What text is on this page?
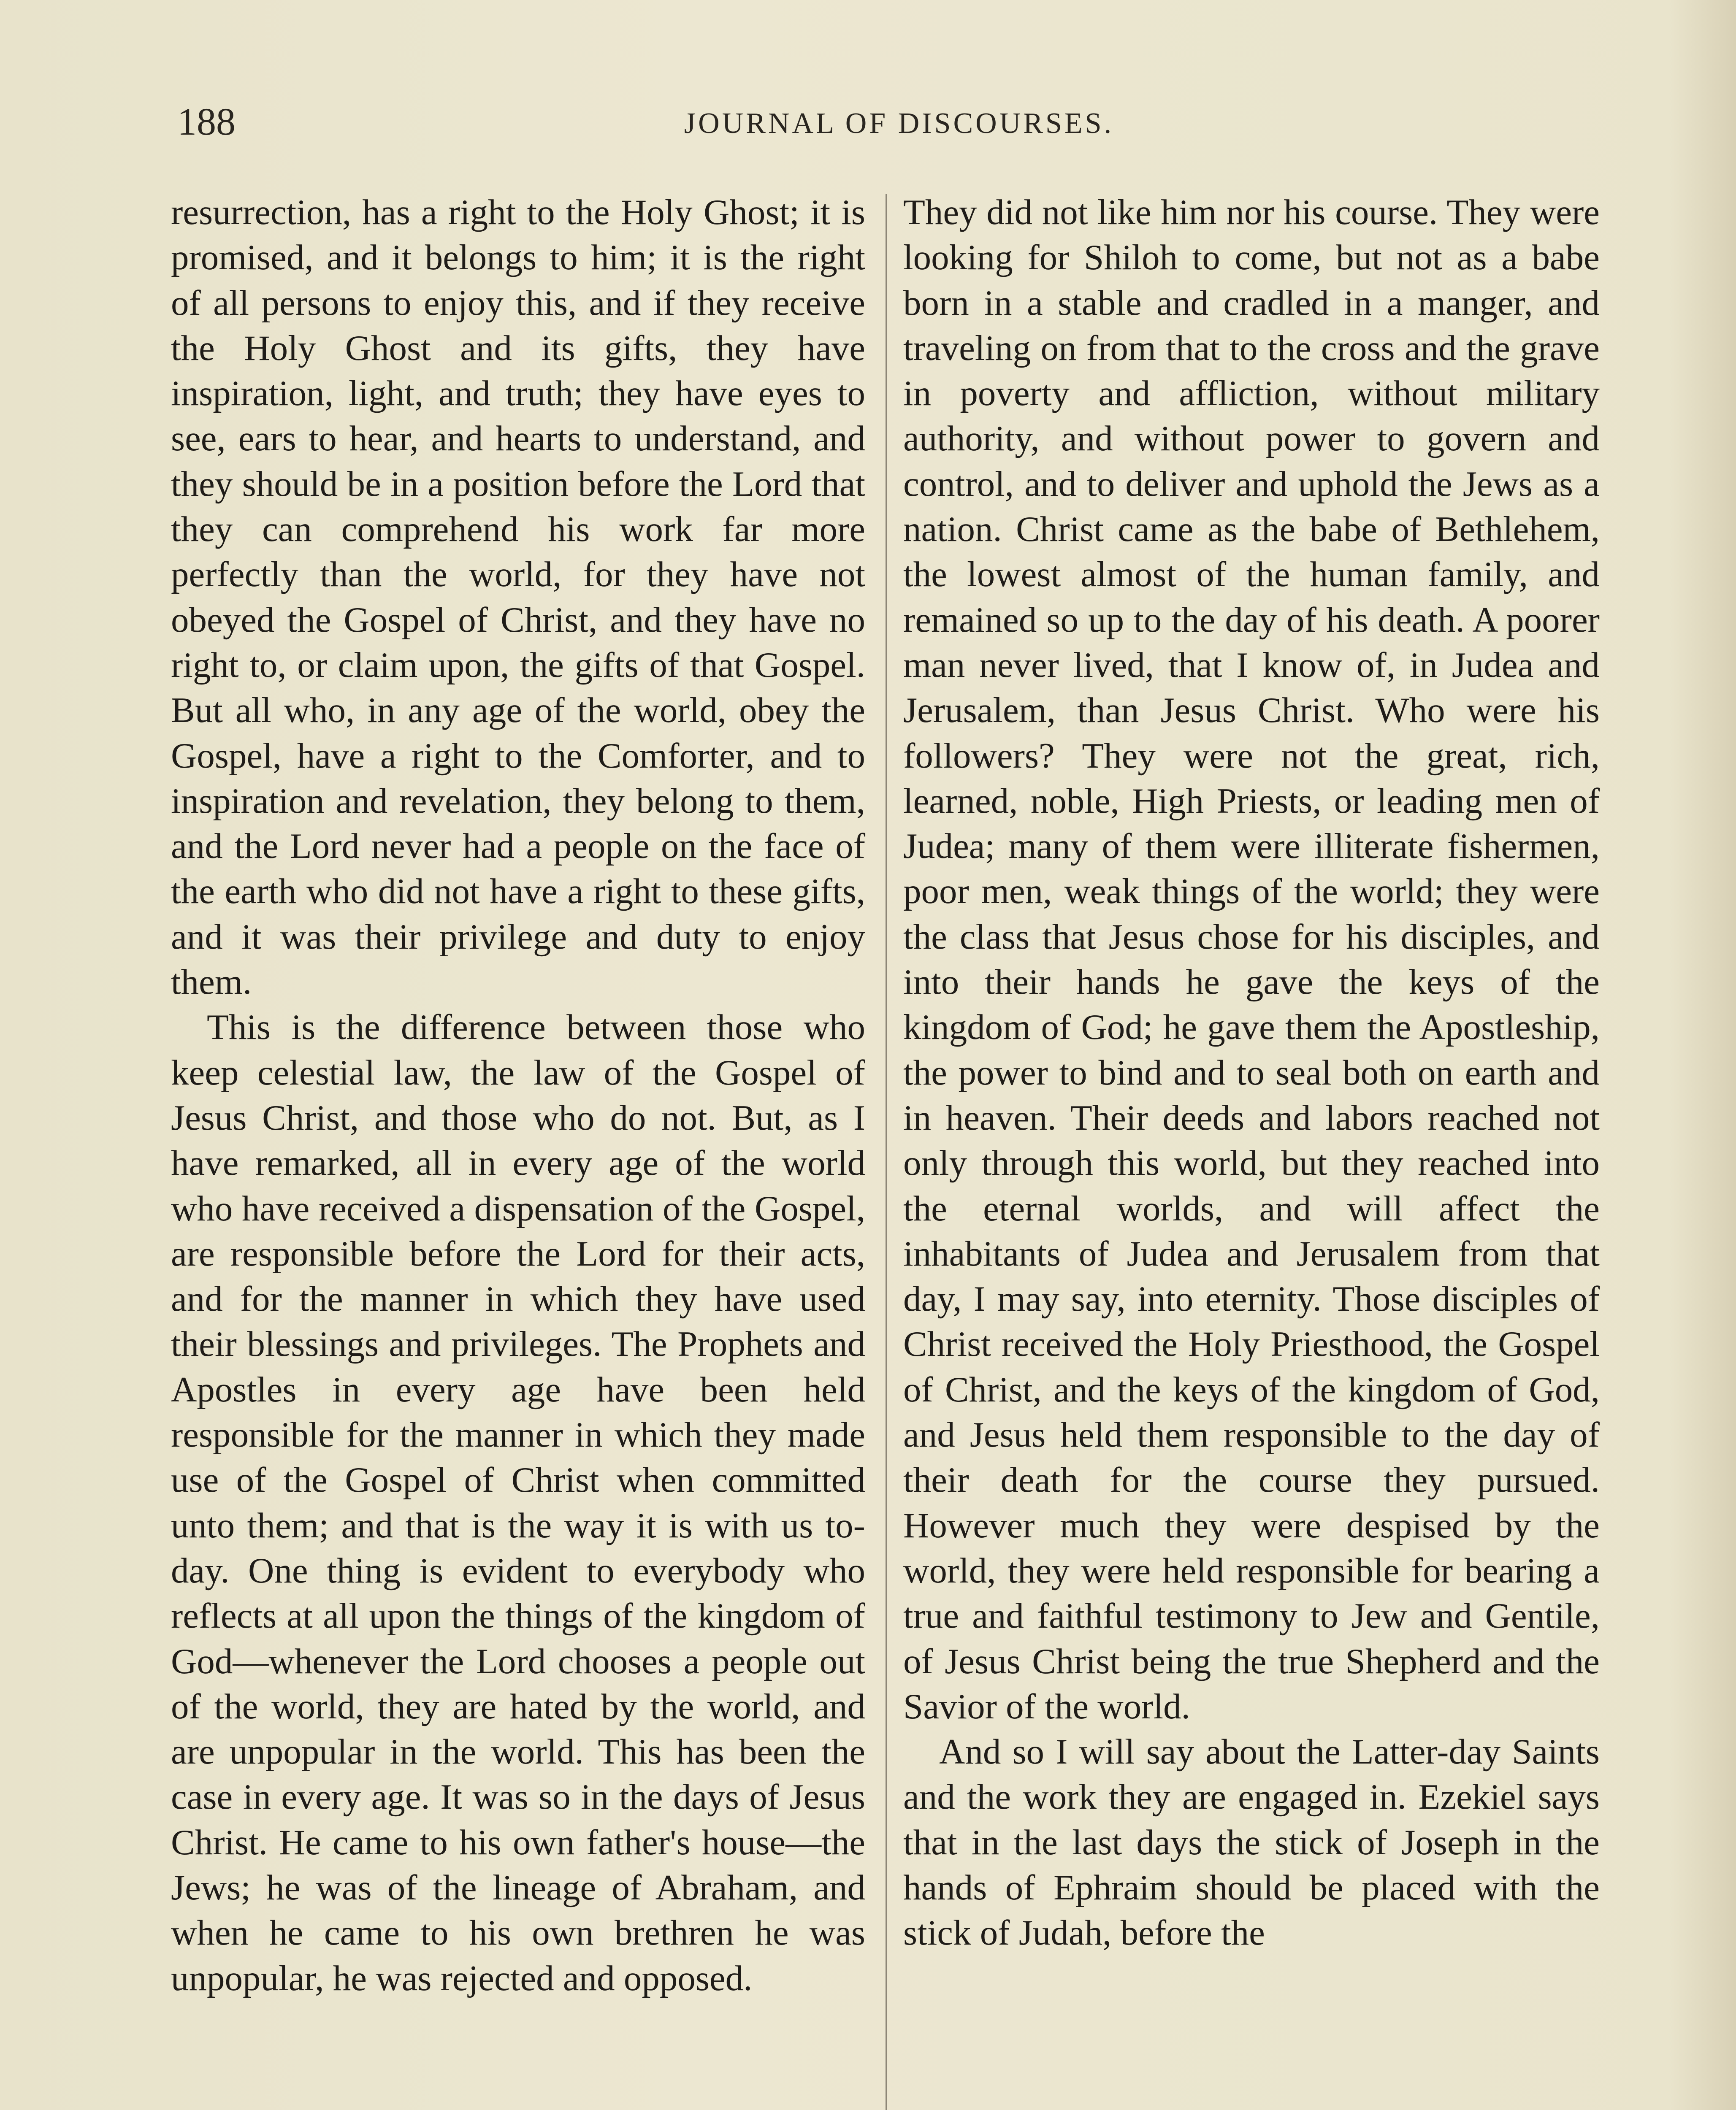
188	JOURNAL OF DISCOURSES.

resurrection, has a right to the Holy Ghost; it is promised, and it belongs to him; it is the right of all persons to enjoy this, and if they receive the Holy Ghost and its gifts, they have inspiration, light, and truth; they have eyes to see, ears to hear, and hearts to understand, and they should be in a position before the Lord that they can comprehend his work far more perfectly than the world, for they have not obeyed the Gospel of Christ, and they have no right to, or claim upon, the gifts of that Gospel. But all who, in any age of the world, obey the Gospel, have a right to the Comforter, and to inspiration and revelation, they belong to them, and the Lord never had a people on the face of the earth who did not have a right to these gifts, and it was their privilege and duty to enjoy them.

This is the difference between those who keep celestial law, the law of the Gospel of Jesus Christ, and those who do not. But, as I have remarked, all in every age of the world who have received a dispensation of the Gospel, are responsible before the Lord for their acts, and for the manner in which they have used their blessings and privileges. The Prophets and Apostles in every age have been held responsible for the manner in which they made use of the Gospel of Christ when committed unto them; and that is the way it is with us to-day. One thing is evident to everybody who reflects at all upon the things of the kingdom of God—whenever the Lord chooses a people out of the world, they are hated by the world, and are unpopular in the world. This has been the case in every age. It was so in the days of Jesus Christ. He came to his own father's house—the Jews; he was of the lineage of Abraham, and when he came to his own brethren he was unpopular, he was rejected and opposed.

They did not like him nor his course. They were looking for Shiloh to come, but not as a babe born in a stable and cradled in a manger, and traveling on from that to the cross and the grave in poverty and affliction, without military authority, and without power to govern and control, and to deliver and uphold the Jews as a nation. Christ came as the babe of Bethlehem, the lowest almost of the human family, and remained so up to the day of his death. A poorer man never lived, that I know of, in Judea and Jerusalem, than Jesus Christ. Who were his followers? They were not the great, rich, learned, noble, High Priests, or leading men of Judea; many of them were illiterate fishermen, poor men, weak things of the world; they were the class that Jesus chose for his disciples, and into their hands he gave the keys of the kingdom of God; he gave them the Apostleship, the power to bind and to seal both on earth and in heaven. Their deeds and labors reached not only through this world, but they reached into the eternal worlds, and will affect the inhabitants of Judea and Jerusalem from that day, I may say, into eternity. Those disciples of Christ received the Holy Priesthood, the Gospel of Christ, and the keys of the kingdom of God, and Jesus held them responsible to the day of their death for the course they pursued. However much they were despised by the world, they were held responsible for bearing a true and faithful testimony to Jew and Gentile, of Jesus Christ being the true Shepherd and the Savior of the world.

And so I will say about the Latter-day Saints and the work they are engaged in. Ezekiel says that in the last days the stick of Joseph in the hands of Ephraim should be placed with the stick of Judah, before the
